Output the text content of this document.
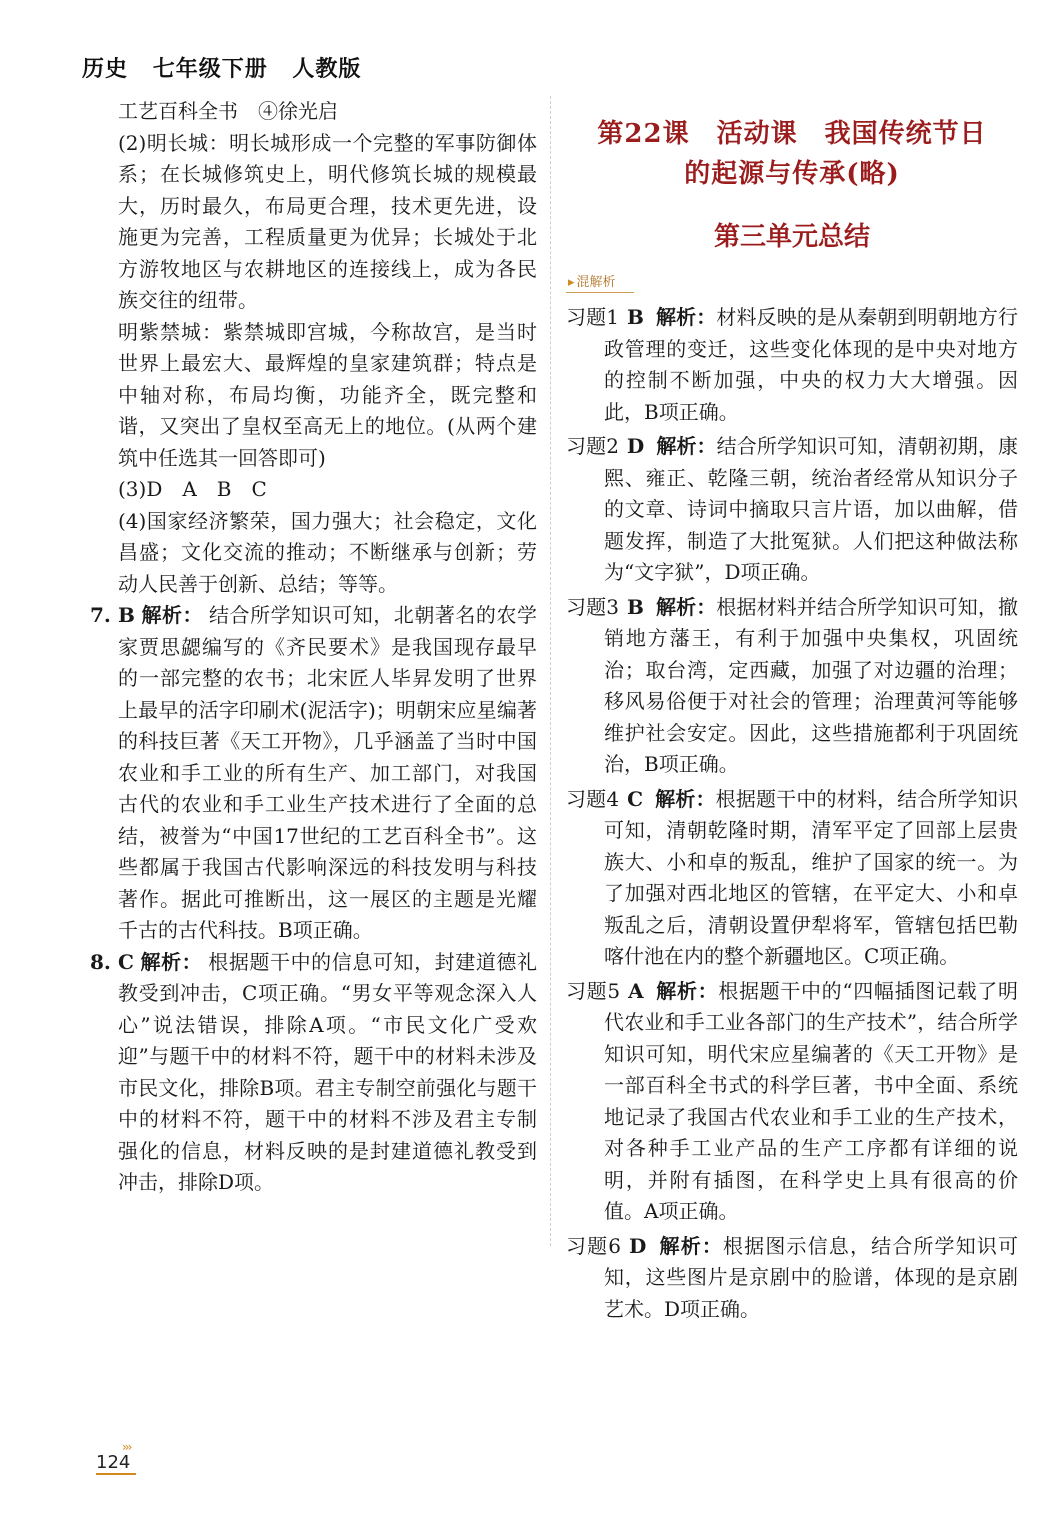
历史 七年级下册 人教版

工艺百科全书　④徐光启

(2)明长城：明长城形成一个完整的军事防御体系；在长城修筑史上，明代修筑长城的规模最大，历时最久，布局更合理，技术更先进，设施更为完善，工程质量更为优异；长城处于北方游牧地区与农耕地区的连接线上，成为各民族交往的纽带。

明紫禁城：紫禁城即宫城，今称故宫，是当时世界上最宏大、最辉煌的皇家建筑群；特点是中轴对称，布局均衡，功能齐全，既完整和谐，又突出了皇权至高无上的地位。(从两个建筑中任选其一回答即可)

(3)D　A　B　C

(4)国家经济繁荣，国力强大；社会稳定，文化昌盛；文化交流的推动；不断继承与创新；劳动人民善于创新、总结；等等。

7. B 解析： 结合所学知识可知，北朝著名的农学家贾思勰编写的《齐民要术》是我国现存最早的一部完整的农书；北宋匠人毕昇发明了世界上最早的活字印刷术(泥活字)；明朝宋应星编著的科技巨著《天工开物》，几乎涵盖了当时中国农业和手工业的所有生产、加工部门，对我国古代的农业和手工业生产技术进行了全面的总结，被誉为“中国17世纪的工艺百科全书”。这些都属于我国古代影响深远的科技发明与科技著作。据此可推断出，这一展区的主题是光耀千古的古代科技。B项正确。
8. C 解析： 根据题干中的信息可知，封建道德礼教受到冲击，C项正确。“男女平等观念深入人心”说法错误，排除A项。“市民文化广受欢迎”与题干中的材料不符，题干中的材料未涉及市民文化，排除B项。君主专制空前强化与题干中的材料不符，题干中的材料不涉及君主专制强化的信息，材料反映的是封建道德礼教受到冲击，排除D项。
第22课　活动课　我国传统节日
的起源与传承(略)
第三单元总结
▸ 混解析
习题1 B 解析：材料反映的是从秦朝到明朝地方行政管理的变迁，这些变化体现的是中央对地方的控制不断加强，中央的权力大大增强。因此，B项正确。
习题2 D 解析：结合所学知识可知，清朝初期，康熙、雍正、乾隆三朝，统治者经常从知识分子的文章、诗词中摘取只言片语，加以曲解，借题发挥，制造了大批冤狱。人们把这种做法称为“文字狱”，D项正确。
习题3 B 解析：根据材料并结合所学知识可知，撤销地方藩王，有利于加强中央集权，巩固统治；取台湾，定西藏，加强了对边疆的治理；移风易俗便于对社会的管理；治理黄河等能够维护社会安定。因此，这些措施都利于巩固统治，B项正确。
习题4 C 解析：根据题干中的材料，结合所学知识可知，清朝乾隆时期，清军平定了回部上层贵族大、小和卓的叛乱，维护了国家的统一。为了加强对西北地区的管辖，在平定大、小和卓叛乱之后，清朝设置伊犁将军，管辖包括巴勒喀什池在内的整个新疆地区。C项正确。
习题5 A 解析：根据题干中的“四幅插图记载了明代农业和手工业各部门的生产技术”，结合所学知识可知，明代宋应星编著的《天工开物》是一部百科全书式的科学巨著，书中全面、系统地记录了我国古代农业和手工业的生产技术，对各种手工业产品的生产工序都有详细的说明，并附有插图，在科学史上具有很高的价值。A项正确。
习题6 D 解析：根据图示信息，结合所学知识可知，这些图片是京剧中的脸谱，体现的是京剧艺术。D项正确。
›››
124
